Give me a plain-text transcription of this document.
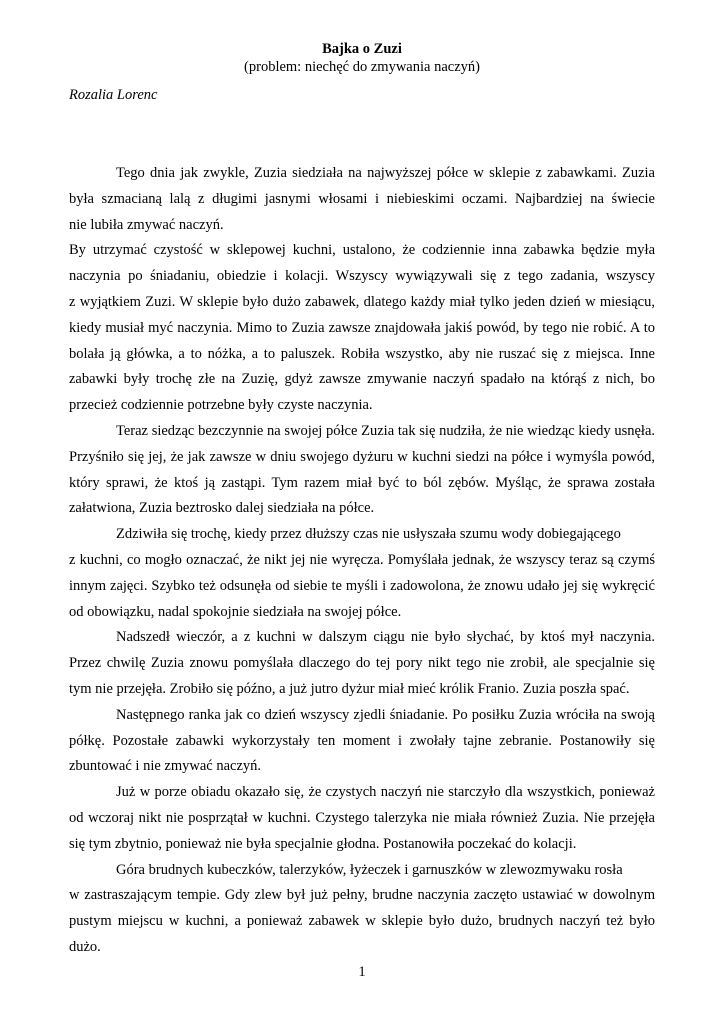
Bajka o Zuzi
(problem: niechęć do zmywania naczyń)
Rozalia Lorenc
Tego dnia jak zwykle, Zuzia siedziała na najwyższej półce w sklepie z zabawkami. Zuzia
była szmacianą lalą z długimi jasnymi włosami i niebieskimi oczami. Najbardziej na świecie
nie lubiła zmywać naczyń.
By utrzymać czystość w sklepowej kuchni, ustalono, że codziennie inna zabawka będzie myła
naczynia po śniadaniu, obiedzie i kolacji. Wszyscy wywiązywali się z tego zadania, wszyscy
z wyjątkiem Zuzi. W sklepie było dużo zabawek, dlatego każdy miał tylko jeden dzień w miesiącu,
kiedy musiał myć naczynia. Mimo to Zuzia zawsze znajdowała jakiś powód, by tego nie robić. A to
bolała ją główka, a to nóżka, a to paluszek. Robiła wszystko, aby nie ruszać się z miejsca. Inne
zabawki były trochę złe na Zuzię, gdyż zawsze zmywanie naczyń spadało na którąś z nich, bo
przecież codziennie potrzebne były czyste naczynia.
Teraz siedząc bezczynnie na swojej półce Zuzia tak się nudziła, że nie wiedząc kiedy usnęła.
Przyśniło się jej, że jak zawsze w dniu swojego dyżuru w kuchni siedzi na półce i wymyśla powód,
który sprawi, że ktoś ją zastąpi. Tym razem miał być to ból zębów. Myśląc, że sprawa została
załatwiona, Zuzia beztrosko dalej siedziała na półce.
Zdziwiła się trochę, kiedy przez dłuższy czas nie usłyszała szumu wody dobiegającego
z kuchni, co mogło oznaczać, że nikt jej nie wyręcza. Pomyślała jednak, że wszyscy teraz są czymś
innym zajęci. Szybko też odsunęła od siebie te myśli i zadowolona, że znowu udało jej się wykręcić
od obowiązku, nadal spokojnie siedziała na swojej półce.
Nadszedł wieczór, a z kuchni w dalszym ciągu nie było słychać, by ktoś mył naczynia.
Przez chwilę Zuzia znowu pomyślała dlaczego do tej pory nikt tego nie zrobił, ale specjalnie się
tym nie przejęła. Zrobiło się późno, a już jutro dyżur miał mieć królik Franio. Zuzia poszła spać.
Następnego ranka jak co dzień wszyscy zjedli śniadanie. Po posiłku Zuzia wróciła na swoją
półkę. Pozostałe zabawki wykorzystały ten moment i zwołały tajne zebranie. Postanowiły się
zbuntować i nie zmywać naczyń.
Już w porze obiadu okazało się, że czystych naczyń nie starczyło dla wszystkich, ponieważ
od wczoraj nikt nie posprzątał w kuchni. Czystego talerzyka nie miała również Zuzia. Nie przejęła
się tym zbytnio, ponieważ nie była specjalnie głodna. Postanowiła poczekać do kolacji.
Góra brudnych kubeczków, talerzyków, łyżeczek i garnuszków w zlewozmywaku rosła
w zastraszającym tempie. Gdy zlew był już pełny, brudne naczynia zaczęto ustawiać w dowolnym
pustym miejscu w kuchni, a ponieważ zabawek w sklepie było dużo, brudnych naczyń też było
dużo.
1
